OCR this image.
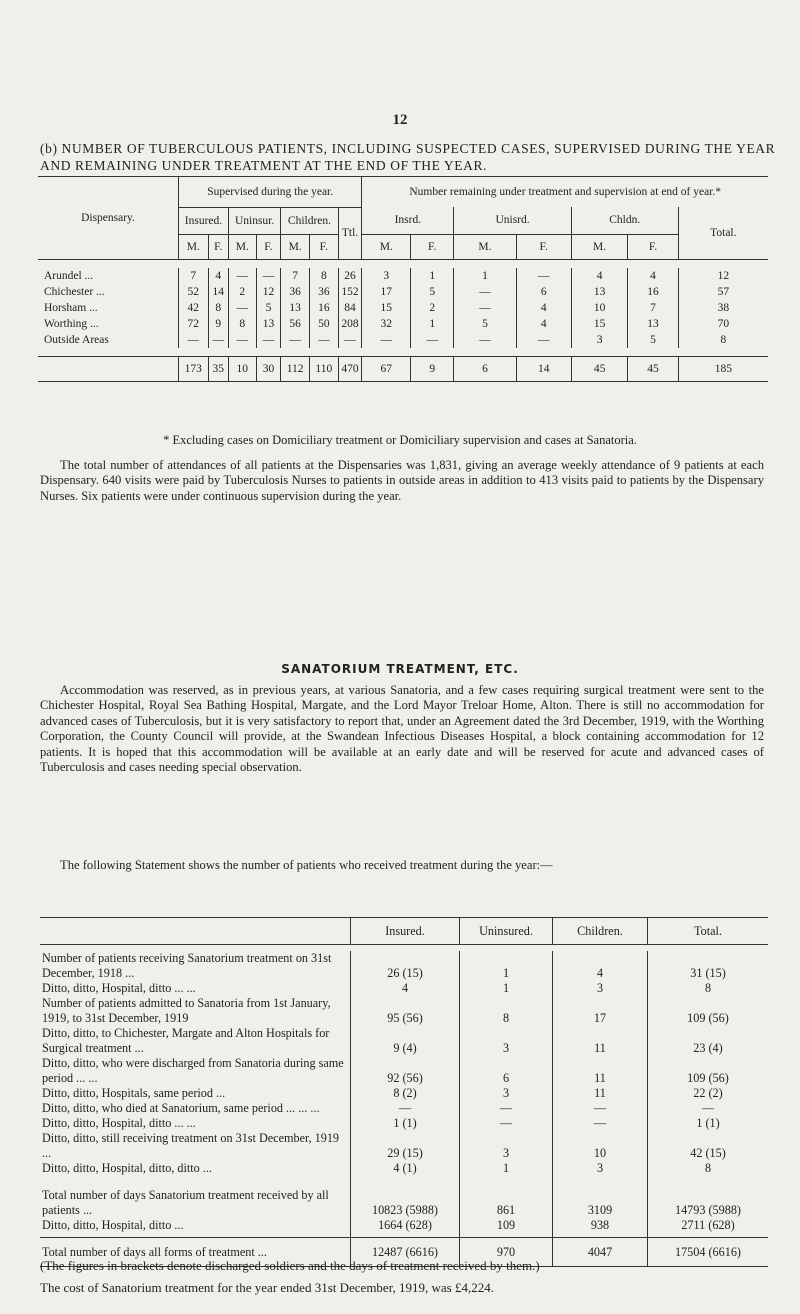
12
(b) NUMBER OF TUBERCULOUS PATIENTS, INCLUDING SUSPECTED CASES, SUPERVISED DURING THE YEAR AND REMAINING UNDER TREATMENT AT THE END OF THE YEAR.
Dispensary.	Supervised during the year.							Number remaining under treatment and supervision at end of year.*						
	Insured.		Uninsur.		Children.		Ttl.	Insrd.		Unisrd.		Chldn.		Total.
	M.	F.	M.	F.	M.	F.		M.	F.	M.	F.	M.	F.	

Arundel ...	7	4	—	—	7	8	26	3	1	1	—	4	4	12
Chichester ...	52	14	2	12	36	36	152	17	5	—	6	13	16	57
Horsham ...	42	8	—	5	13	16	84	15	2	—	4	10	7	38
Worthing ...	72	9	8	13	56	50	208	32	1	5	4	15	13	70
Outside Areas	—	—	—	—	—	—	—	—	—	—	—	3	5	8

	173	35	10	30	112	110	470	67	9	6	14	45	45	185
* Excluding cases on Domiciliary treatment or Domiciliary supervision and cases at Sanatoria.
The total number of attendances of all patients at the Dispensaries was 1,831, giving an average weekly attendance of 9 patients at each Dispensary. 640 visits were paid by Tuberculosis Nurses to patients in outside areas in addition to 413 visits paid to patients by the Dispensary Nurses. Six patients were under continuous supervision during the year.
SANATORIUM TREATMENT, ETC.
Accommodation was reserved, as in previous years, at various Sanatoria, and a few cases requiring surgical treatment were sent to the Chichester Hospital, Royal Sea Bathing Hospital, Margate, and the Lord Mayor Treloar Home, Alton. There is still no accommodation for advanced cases of Tuberculosis, but it is very satisfactory to report that, under an Agreement dated the 3rd December, 1919, with the Worthing Corporation, the County Council will provide, at the Swandean Infectious Diseases Hospital, a block containing accommodation for 12 patients. It is hoped that this accommodation will be available at an early date and will be reserved for acute and advanced cases of Tuberculosis and cases needing special observation.
The following Statement shows the number of patients who received treatment during the year:—
	Insured.	Uninsured.	Children.	Total.

Number of patients receiving Sanatorium treatment on 31st December, 1918 ...	26 (15)	1	4	31 (15)
Ditto, ditto, Hospital, ditto ... ...	4	1	3	8
Number of patients admitted to Sanatoria from 1st January, 1919, to 31st December, 1919	95 (56)	8	17	109 (56)
Ditto, ditto, to Chichester, Margate and Alton Hospitals for Surgical treatment ...	9 (4)	3	11	23 (4)
Ditto, ditto, who were discharged from Sanatoria during same period ... ...	92 (56)	6	11	109 (56)
Ditto, ditto, Hospitals, same period ...	8 (2)	3	11	22 (2)
Ditto, ditto, who died at Sanatorium, same period ... ... ...	—	—	—	—
Ditto, ditto, Hospital, ditto ... ...	1 (1)	—	—	1 (1)
Ditto, ditto, still receiving treatment on 31st December, 1919 ...	29 (15)	3	10	42 (15)
Ditto, ditto, Hospital, ditto, ditto ...	4 (1)	1	3	8

Total number of days Sanatorium treatment received by all patients ...	10823 (5988)	861	3109	14793 (5988)
Ditto, ditto, Hospital, ditto ...	1664 (628)	109	938	2711 (628)
Total number of days all forms of treatment ...	12487 (6616)	970	4047	17504 (6616)
(The figures in brackets denote discharged soldiers and the days of treatment received by them.)
The cost of Sanatorium treatment for the year ended 31st December, 1919, was £4,224.
